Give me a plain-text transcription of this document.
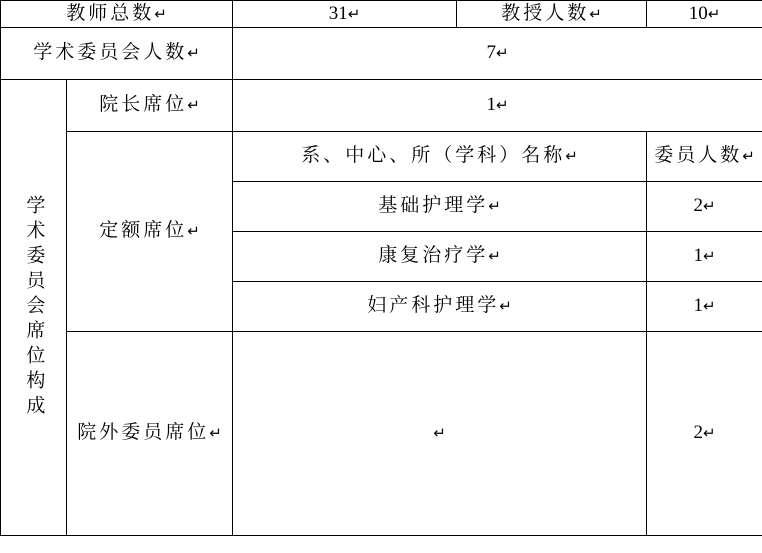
教师总数↵		31↵	教授人数↵	10↵
学术委员会人数↵		7↵		

学术委员会席位构成	院长席位↵	1↵		
	定额席位↵	系、中心、所（学科）名称↵		委员人数↵
		基础护理学↵		2↵
		康复治疗学↵		1↵
		妇产科护理学↵		1↵
	院外委员席位↵	↵		2↵
